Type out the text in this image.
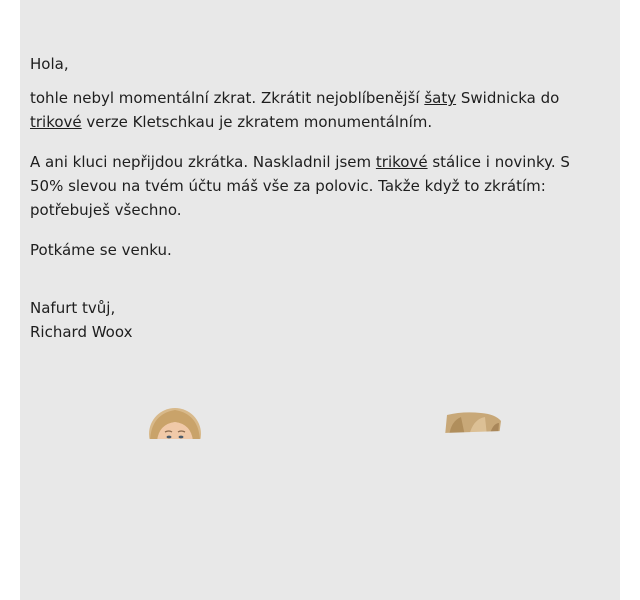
Hola,

tohle nebyl momentální zkrat. Zkrátit nejoblíbenější šaty Swidnicka do trikové verze Kletschkau je zkratem monumentálním.

A ani kluci nepřijdou zkrátka. Naskladnil jsem trikové stálice i novinky. S 50% slevou na tvém účtu máš vše za polovic. Takže když to zkrátím: potřebuješ všechno.

Potkáme se venku.

Nafurt tvůj,

Richard Woox
